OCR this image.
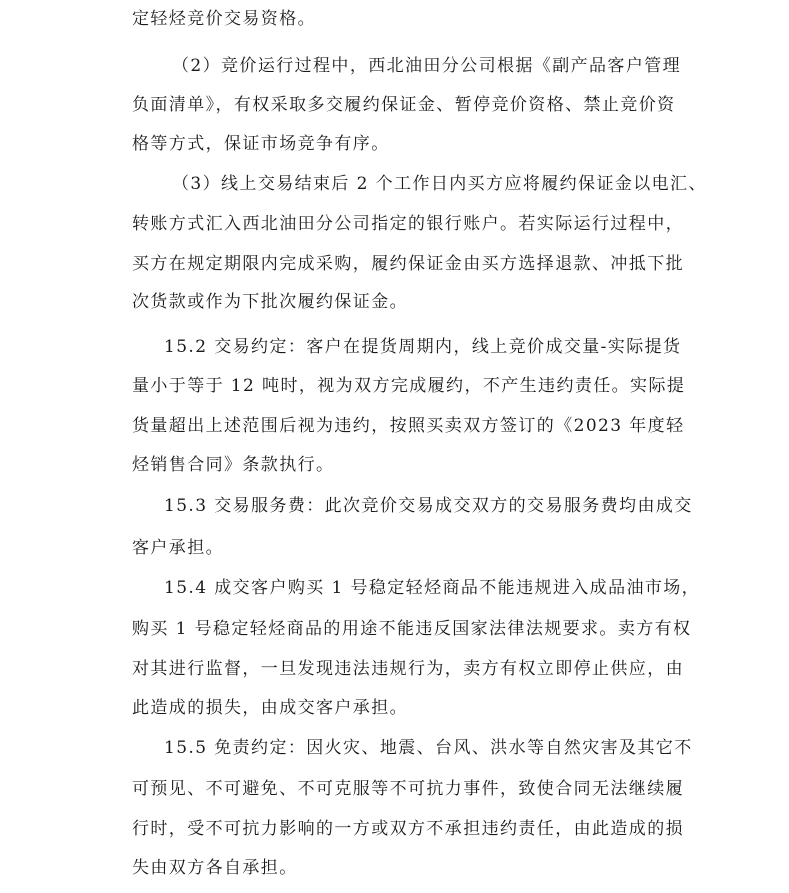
定轻烃竞价交易资格。
（2）竞价运行过程中，西北油田分公司根据《副产品客户管理
负面清单》，有权采取多交履约保证金、暂停竞价资格、禁止竞价资
格等方式，保证市场竞争有序。
（3）线上交易结束后 2 个工作日内买方应将履约保证金以电汇、
转账方式汇入西北油田分公司指定的银行账户。若实际运行过程中，
买方在规定期限内完成采购，履约保证金由买方选择退款、冲抵下批
次货款或作为下批次履约保证金。
15.2 交易约定：客户在提货周期内，线上竞价成交量-实际提货
量小于等于 12 吨时，视为双方完成履约，不产生违约责任。实际提
货量超出上述范围后视为违约，按照买卖双方签订的《2023 年度轻
烃销售合同》条款执行。
15.3 交易服务费：此次竞价交易成交双方的交易服务费均由成交
客户承担。
15.4 成交客户购买 1 号稳定轻烃商品不能违规进入成品油市场，
购买 1 号稳定轻烃商品的用途不能违反国家法律法规要求。卖方有权
对其进行监督，一旦发现违法违规行为，卖方有权立即停止供应，由
此造成的损失，由成交客户承担。
15.5 免责约定：因火灾、地震、台风、洪水等自然灾害及其它不
可预见、不可避免、不可克服等不可抗力事件，致使合同无法继续履
行时，受不可抗力影响的一方或双方不承担违约责任，由此造成的损
失由双方各自承担。
